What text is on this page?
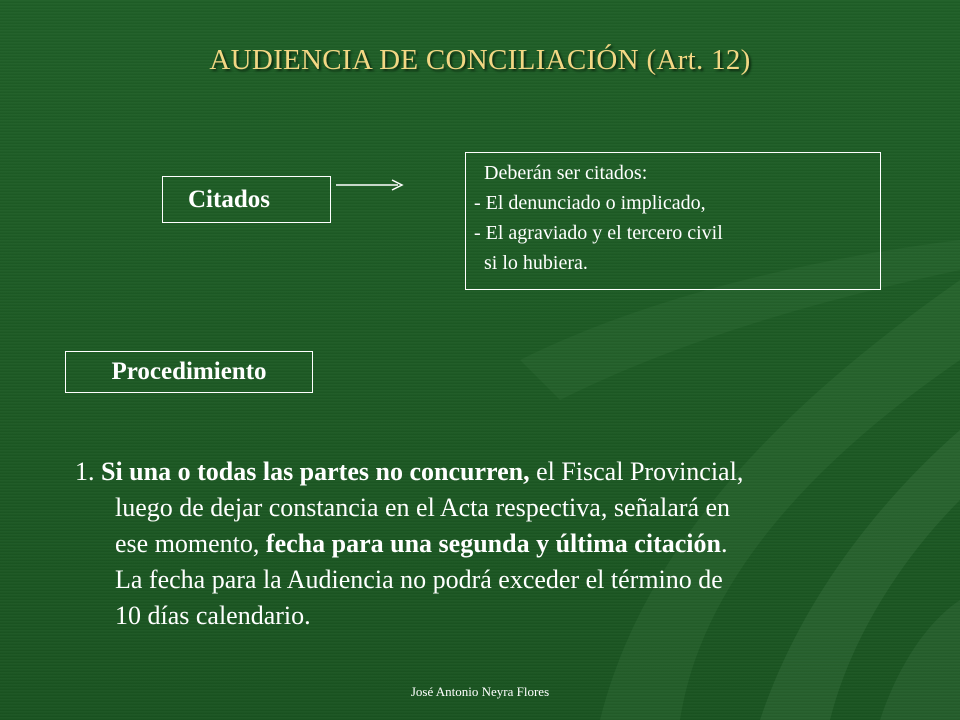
AUDIENCIA DE CONCILIACIÓN (Art. 12)
Citados
Deberán ser citados:
- El denunciado o implicado,
- El agraviado y el tercero civil
si lo hubiera.
Procedimiento
1. Si una o todas las partes no concurren, el Fiscal Provincial,
luego de dejar constancia en el Acta respectiva, señalará en
ese momento, fecha para una segunda y última citación.
La fecha para la Audiencia no podrá exceder el término de
10 días calendario.
José Antonio Neyra Flores
